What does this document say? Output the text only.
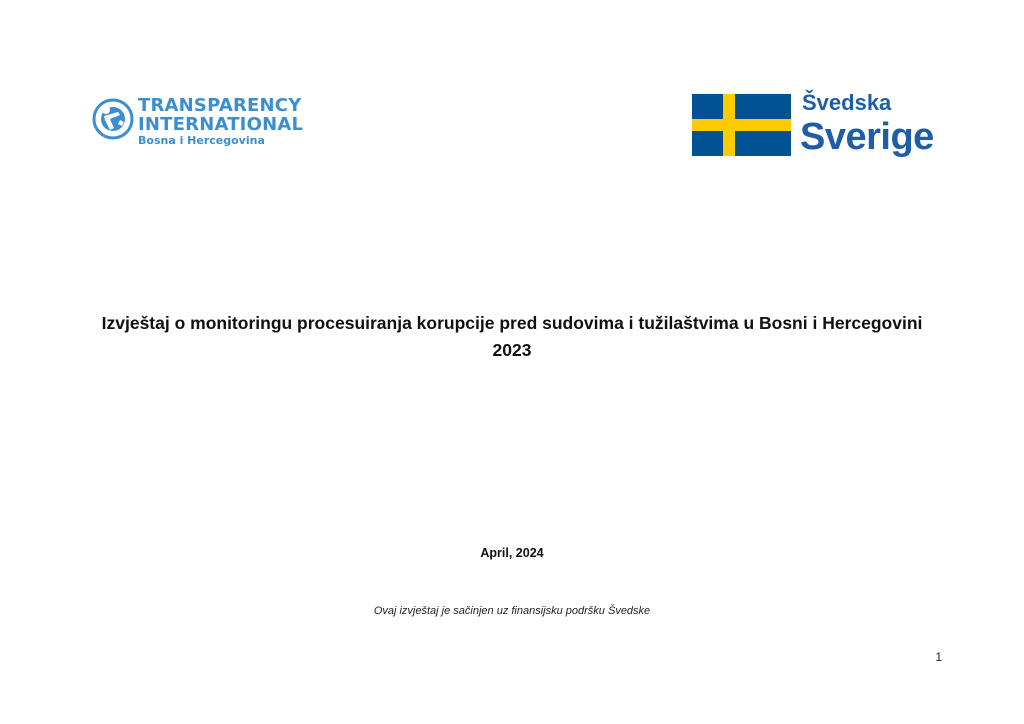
TRANSPARENCY
INTERNATIONAL
Bosna i Hercegovina
Švedska
Sverige
Izvještaj o monitoringu procesuiranja korupcije pred sudovima i tužilaštvima u Bosni i Hercegovini 2023
April, 2024
Ovaj izvještaj je sačinjen uz finansijsku podršku Švedske
1
